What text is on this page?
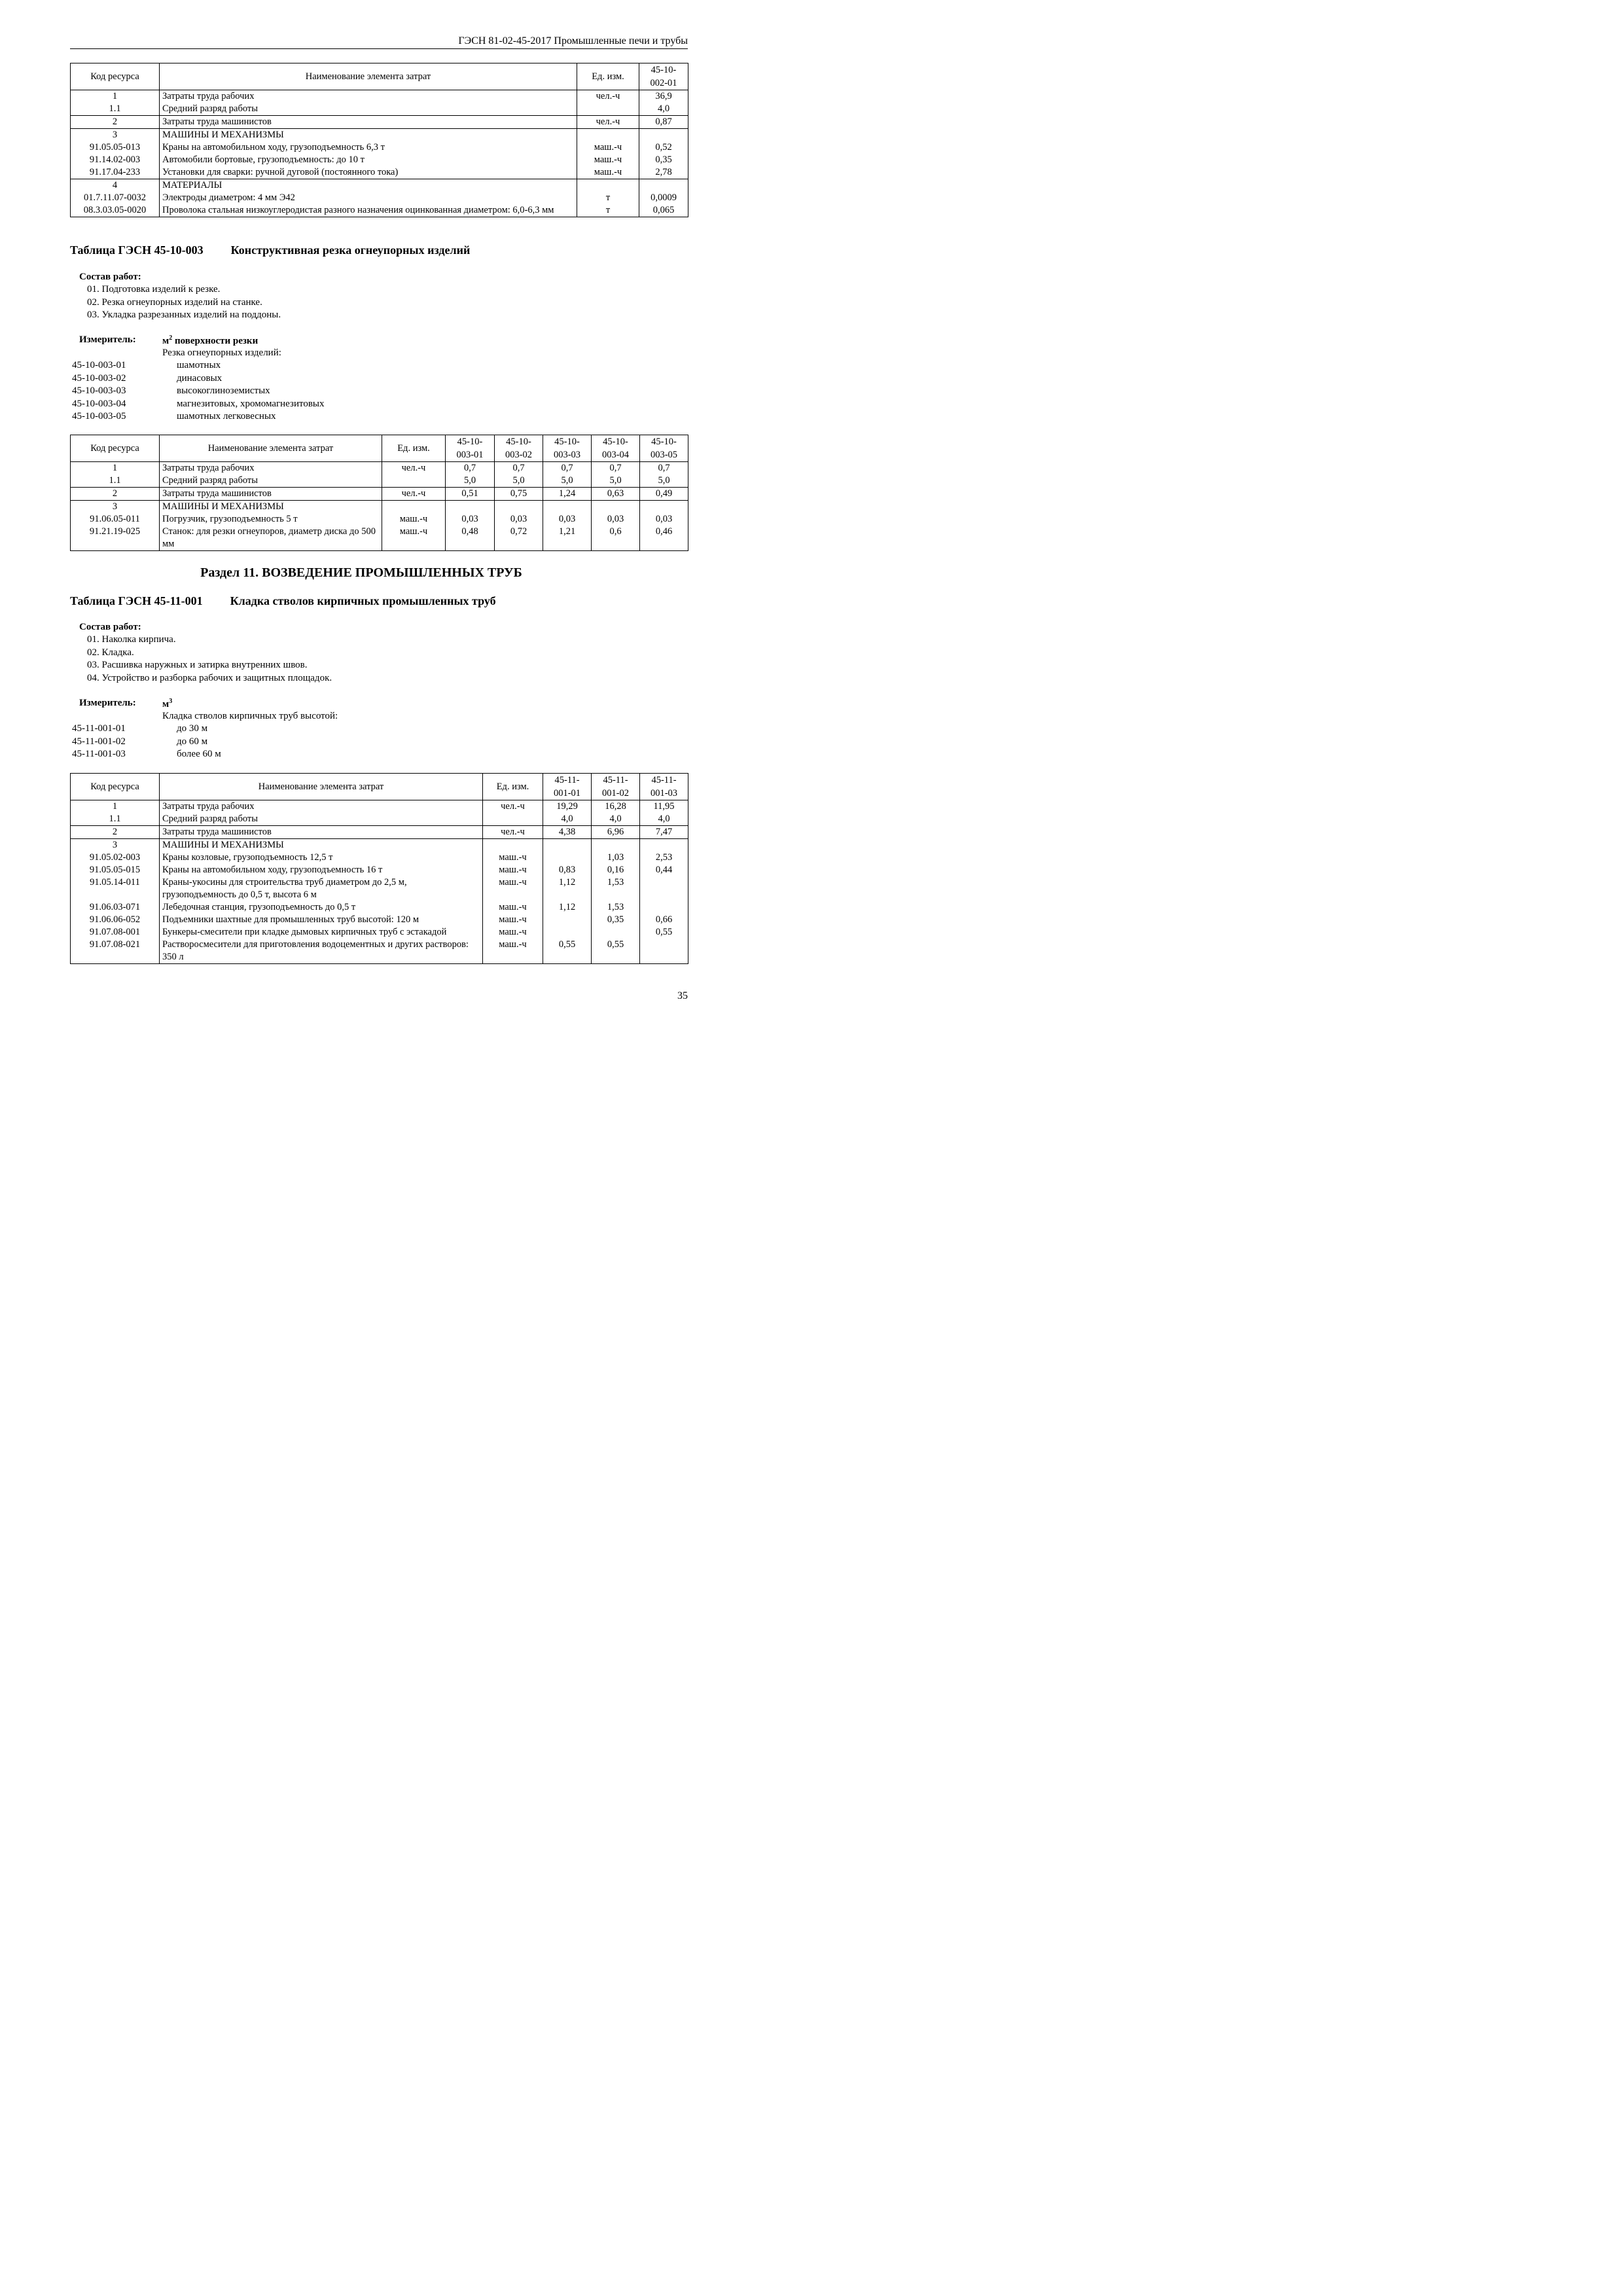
ГЭСН 81-02-45-2017 Промышленные печи и трубы
Код ресурса	Наименование элемента затрат	Ед. изм.	45-10-
002-01
1	Затраты труда рабочих	чел.-ч	36,9
1.1	Средний разряд работы		4,0
2	Затраты труда машинистов	чел.-ч	0,87
3	МАШИНЫ И МЕХАНИЗМЫ		
91.05.05-013	Краны на автомобильном ходу, грузоподъемность 6,3 т	маш.-ч	0,52
91.14.02-003	Автомобили бортовые, грузоподъемность: до 10 т	маш.-ч	0,35
91.17.04-233	Установки для сварки: ручной дуговой (постоянного тока)	маш.-ч	2,78
4	МАТЕРИАЛЫ		
01.7.11.07-0032	Электроды диаметром: 4 мм Э42	т	0,0009
08.3.03.05-0020	Проволока стальная низкоуглеродистая разного назначения оцинкованная диаметром: 6,0-6,3 мм	т	0,065
Таблица ГЭСН 45-10-003 Конструктивная резка огнеупорных изделий
Состав работ:
01. Подготовка изделий к резке.
02. Резка огнеупорных изделий на станке.
03. Укладка разрезанных изделий на поддоны.
Измеритель:	$м^2$ поверхности резки
Резка огнеупорных изделий:
45-10-003-01	шамотных
45-10-003-02	динасовых
45-10-003-03	высокоглиноземистых
45-10-003-04	магнезитовых, хромомагнезитовых
45-10-003-05	шамотных легковесных
Код ресурса	Наименование элемента затрат	Ед. изм.	45-10-
003-01	45-10-
003-02	45-10-
003-03	45-10-
003-04	45-10-
003-05
1	Затраты труда рабочих	чел.-ч	0,7	0,7	0,7	0,7	0,7
1.1	Средний разряд работы		5,0	5,0	5,0	5,0	5,0
2	Затраты труда машинистов	чел.-ч	0,51	0,75	1,24	0,63	0,49
3	МАШИНЫ И МЕХАНИЗМЫ						
91.06.05-011	Погрузчик, грузоподъемность 5 т	маш.-ч	0,03	0,03	0,03	0,03	0,03
91.21.19-025	Станок: для резки огнеупоров, диаметр диска до 500 мм	маш.-ч	0,48	0,72	1,21	0,6	0,46
Раздел 11. ВОЗВЕДЕНИЕ ПРОМЫШЛЕННЫХ ТРУБ
Таблица ГЭСН 45-11-001 Кладка стволов кирпичных промышленных труб
Состав работ:
01. Наколка кирпича.
02. Кладка.
03. Расшивка наружных и затирка внутренних швов.
04. Устройство и разборка рабочих и защитных площадок.
Измеритель:	$м^3$
Кладка стволов кирпичных труб высотой:
45-11-001-01	до 30 м
45-11-001-02	до 60 м
45-11-001-03	более 60 м
Код ресурса	Наименование элемента затрат	Ед. изм.	45-11-
001-01	45-11-
001-02	45-11-
001-03
1	Затраты труда рабочих	чел.-ч	19,29	16,28	11,95
1.1	Средний разряд работы		4,0	4,0	4,0
2	Затраты труда машинистов	чел.-ч	4,38	6,96	7,47
3	МАШИНЫ И МЕХАНИЗМЫ				
91.05.02-003	Краны козловые, грузоподъемность 12,5 т	маш.-ч		1,03	2,53
91.05.05-015	Краны на автомобильном ходу, грузоподъемность 16 т	маш.-ч	0,83	0,16	0,44
91.05.14-011	Краны-укосины для строительства труб диаметром до 2,5 м, грузоподъемность до 0,5 т, высота 6 м	маш.-ч	1,12	1,53	
91.06.03-071	Лебедочная станция, грузоподъемность до 0,5 т	маш.-ч	1,12	1,53	
91.06.06-052	Подъемники шахтные для промышленных труб высотой: 120 м	маш.-ч		0,35	0,66
91.07.08-001	Бункеры-смесители при кладке дымовых кирпичных труб с эстакадой	маш.-ч			0,55
91.07.08-021	Растворосмесители для приготовления водоцементных и других растворов: 350 л	маш.-ч	0,55	0,55	
35
